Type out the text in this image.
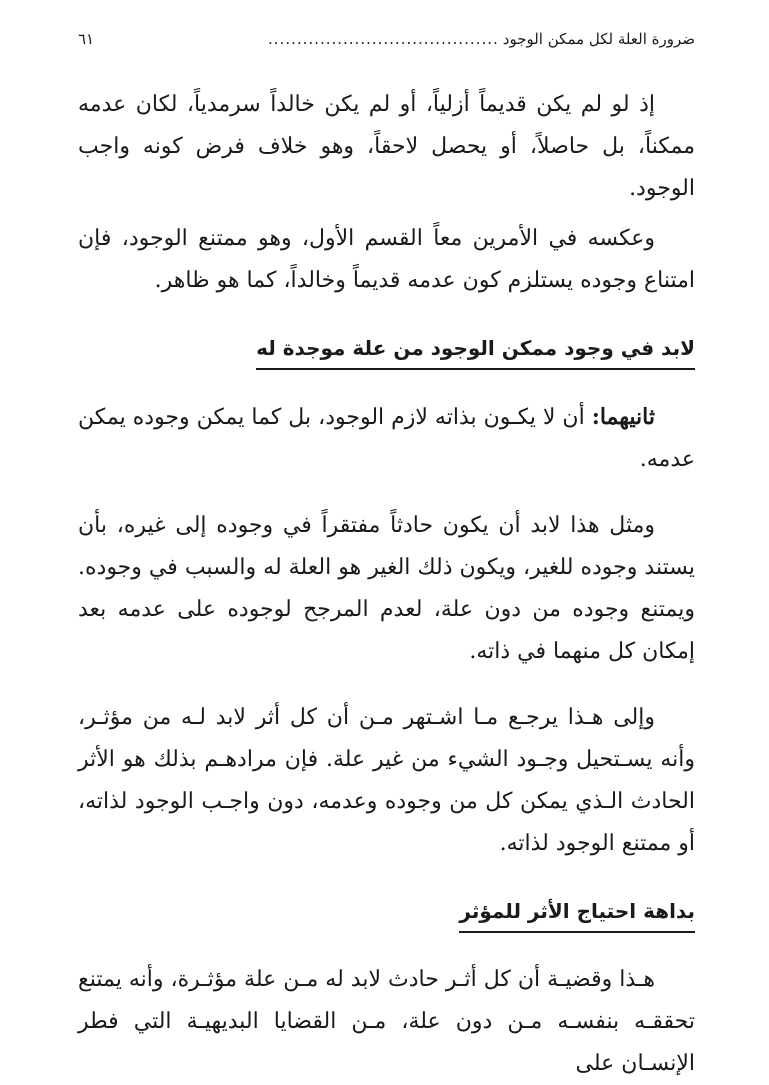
ضرورة العلة لكل ممكن الوجود
........................................
٦١

إذ لو لم يكن قديماً أزلياً، أو لم يكن خالداً سرمدياً، لكان عدمه ممكناً، بل حاصلاً، أو يحصل لاحقاً، وهو خلاف فرض كونه واجب الوجود.

وعكسه في الأمرين معاً القسم الأول، وهو ممتنع الوجود، فإن امتناع وجوده يستلزم كون عدمه قديماً وخالداً، كما هو ظاهر.

لابد في وجود ممكن الوجود من علة موجدة له

ثانيهما: أن لا يكـون بذاته لازم الوجود، بل كما يمكن وجوده يمكن عدمه.

ومثل هذا لابد أن يكون حادثاً مفتقراً في وجوده إلى غيره، بأن يستند وجوده للغير، ويكون ذلك الغير هو العلة له والسبب في وجوده. ويمتنع وجوده من دون علة، لعدم المرجح لوجوده على عدمه بعد إمكان كل منهما في ذاته.

وإلى هـذا يرجـع مـا اشـتهر مـن أن كل أثر لابد لـه من مؤثـر، وأنه يسـتحيل وجـود الشيء من غير علة. فإن مرادهـم بذلك هو الأثر الحادث الـذي يمكن كل من وجوده وعدمه، دون واجـب الوجود لذاته، أو ممتنع الوجود لذاته.

بداهة احتياج الأثر للمؤثر

هـذا وقضيـة أن كل أثـر حادث لابد له مـن علة مؤثـرة، وأنه يمتنع تحققـه بنفسـه مـن دون علة، مـن القضايا البديهيـة التي فطر الإنسـان على
